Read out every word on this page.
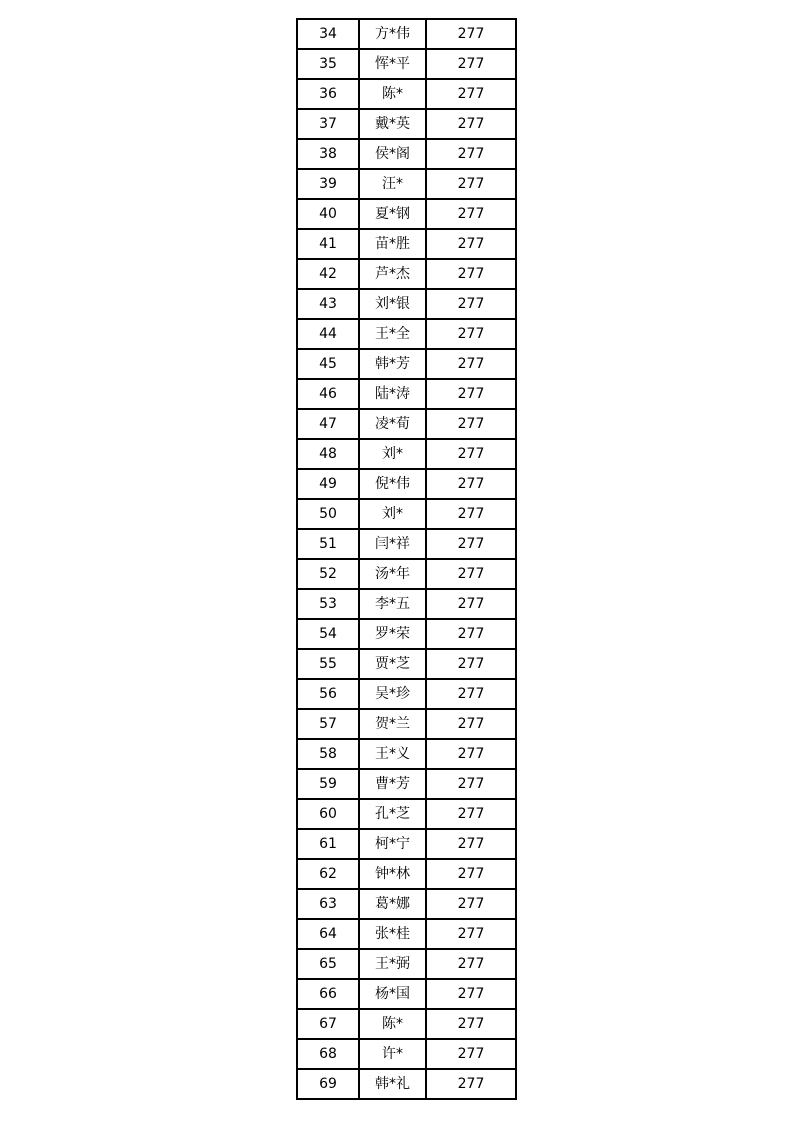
34	方*伟	277
35	恽*平	277
36	陈*	277
37	戴*英	277
38	侯*阁	277
39	汪*	277
40	夏*钢	277
41	苗*胜	277
42	芦*杰	277
43	刘*银	277
44	王*全	277
45	韩*芳	277
46	陆*涛	277
47	凌*荀	277
48	刘*	277
49	倪*伟	277
50	刘*	277
51	闫*祥	277
52	汤*年	277
53	李*五	277
54	罗*荣	277
55	贾*芝	277
56	吴*珍	277
57	贺*兰	277
58	王*义	277
59	曹*芳	277
60	孔*芝	277
61	柯*宁	277
62	钟*林	277
63	葛*娜	277
64	张*桂	277
65	王*弼	277
66	杨*国	277
67	陈*	277
68	许*	277
69	韩*礼	277
